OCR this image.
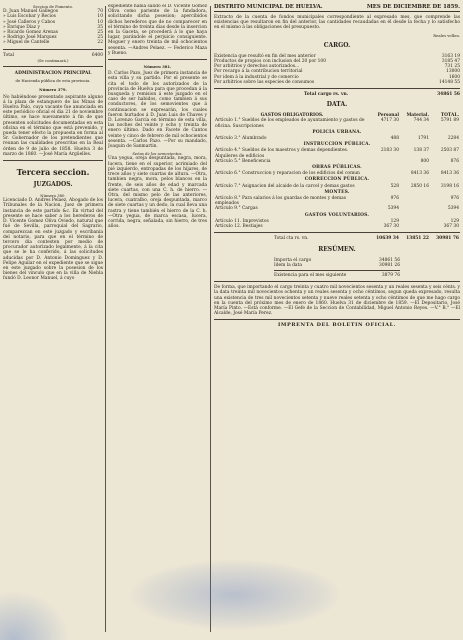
Seccion de Fomento.
D. Juan Manuel Gallegos	70
» Luis Escobar y Recios	10
» José Calleros y Cabos	10
» Enrique Díaz y	35
» Ricardo Gomez Arenas	25
» Rodrigo José Marquez	25
» Miguel de Cantelle	22
Total	6400
(Se continuará.)
ADMINISTRACION PRINCIPAL
de Hacienda pública de esta provincia.
Número 379.

No habiéndose presentado aspirante alguno á la plaza de estanquero de las Minas de Huelva Palo, cuya vacante fue anunciada en este periódico oficial el dia 21 de noviembre último, se hace nuevamente á fin de que presenten solicitudes documentadas en esta oficina en el término que está prevenido, y pueda tener efecto la propuesta en forma al Sr. Gobernador de los pretendientes que reunan las cualidades prescritas en la Real órden de 9 de julio de 1858. Huelva 3 de marzo de 1860. —José María Argüelles.

Tercera seccion.
JUZGADOS.
Número 380.

Licenciado D. Andres Pelaez, Abogado de los Tribunales de la Nacion, Juez de primera instancia de este partido &c. En virtud del presente se hace saber a los herederos de D. Vicente Gomez Oliva Oviedo, natural que fué de Sevilla, parroquial del Sagrario, comparezcan en este juzgado y escribanía del notario, para que en el término de tercero dia contesten por medio de procurador autorizado legalmente, á la cita que se le ha conferido, á las solicitudes aducidas por D. Antonio Dominguez y D. Felipe Aguilar en el expediente que se sigue en este juzgado sobre la posesion de los bienes del vinculo que en la villa de Niebla fundó D. Leonor Manuel, á cuyo

expediente habia salido el D. Vicente Gomez Oliva como pariente de la fundadora, solicitando dicha posesion; apercibidos dichos herederos que de no comparecer en el término de treinta dias desde la insercion en la Gaceta, se procederá á lo que haya lugar, parándole el perjuicio consiguiente. Moguer y enero treinta de mil ochocientos sesenta. —Andres Pelaez. — Federico Maza y Bueno.

Número 381.

D. Carlos Pazo, Juez de primera instancia de esta villa y su partido. Por el presente se cita el todo de los autorizados de la provincia de Huelva para que procedan á la busqueda y remision á este juzgado en el caso de ser habidos, como tambien á sus conductores, de los semovientes que á continuacion se expresarán, los cuales fueron hurtados á D. Juan Luis de Chaves y D. Lorenzo García en término de esta villa, las noches del veinte y ocho y treinta de enero último. Dado en Facete de Cantos veinte y cinco de febrero de mil ochocientos sesenta. —Carlos Pazo. —Por su mandado, Joaquin de Sanmartin.

Señas de los semovientes.

Una yegua, oreja despuntada, negra, mora, lucera, tiene en el superior, acrimiado del pié izquierdo, entropadas de los hijares, de trece años y siete cuartas de altura. —Otra, tambien negra, mora, pelos blancos en la frente, de seis años de edad y marcada siete cuartas, con una C. h. de hierro. —Otra, del mismo pelo de las anteriores, lucera, cuatralbo, oreja despuntada, marco de siete cuartas y un dedo, la cual lleva una rastra y tiene también el hierro de la C. h. —Otra yegua, de marca escasa, lucera, corrida, negra, señalada, sin hierro, de tres años.

DISTRITO MUNICIPAL DE HUELVA.	MES DE DICIEMBRE DE 1859.

Extracto de la cuenta de fondos municipales correspondiente al expresado mes, que comprende las existencias que resultaron en fin del anterior, las cantidades recaudadas en él desde la fecha y lo satisfecho en el mismo á las obligaciones del presupuesto.

Reales vellon.
CARGO.
Existencia que resultó en fin del mes anterior	3163 19
Productos de propios con inclusion del 20 por 100	3185 47
Por arbitrios y derechos autorizados...	731 25
Por recargo á la contribucion territorial	13000
Por idem á la industrial y de comercio	1600
Por arbitrios sobre las especies de consumos	14148 55
Total cargo rs. vn.	34861 56
DATA.
GASTOS OBLIGATORIOS.	Personal	Material.	TOTAL.
Artículo 1.° Sueldos de los empleados de ayuntamiento y gastos de oficina. Suscripciones	4717 30	744 34	5791 89
POLICIA URBANA.			
Artículo 3.° Alumbrado	488	1791	2284
INSTRUCCION PÚBLICA.			
Artículo 4.° Sueldos de los maestros y demas dependientes. Alquileres de edificios	2183 30	138 37	2503 87
Artículo 5.° Beneficencia		800	876
OBRAS PÚBLICAS.			
Artículo 6.° Construccion y reparacion de los edificios del comun		8413 36	8413 36
CORRECCION PÚBLICA.			
Artículo 7.° Asignacion del alcaide de la carcel y demas gastos	528	2850 16	3198 16
MONTES.			
Artículo 8.° Para salarios á los guardas de montes y demas empleados	976		976
Artículo 9.° Cargas	5394		5394
GASTOS VOLUNTARIOS.			
Artículo 11. Imprevistos	129		129
Artículo 12. Bestiajes	367 30		367 30
Total cta rs. vn.	10639 34	13851 22	30981 76
RESÚMEN.
Importa el cargo	34861 56
Idem la data	30981 26
Existencia para el mes siguiente	3879 76

De forma, que importando el cargo treinta y cuatro mil novecientos sesenta y un reales sesenta y seis cénts. y la data treinta mil novecientos ochenta y un reales sesenta y ocho céntimos, segun queda expresado, resulta una existencia de tres mil novecientos setenta y nueve reales setenta y ocho céntimos de que me hago cargo en la cuenta del próximo mes de enero de 1860. Huelva 31 de diciembre de 1859. —El Depositario, José María Pinto. —Está conforme. —El Gefe de la Seccion de Contabilidad, Miguel Antonio Reyes. —V.° B.° —El Alcalde, José María Perez.

IMPRENTA DEL BOLETIN OFICIAL.
